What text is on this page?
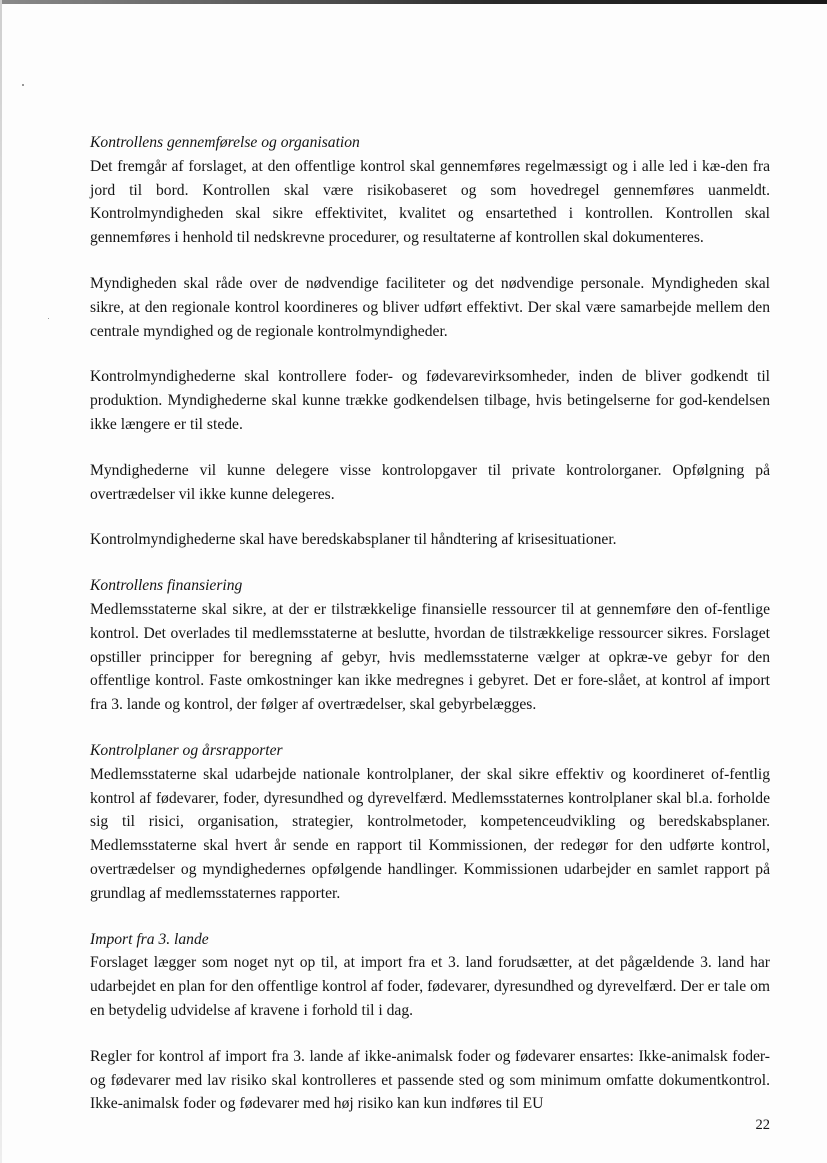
Kontrollens gennemførelse og organisation

Det fremgår af forslaget, at den offentlige kontrol skal gennemføres regelmæssigt og i alle led i kæ-den fra jord til bord. Kontrollen skal være risikobaseret og som hovedregel gennemføres uanmeldt. Kontrolmyndigheden skal sikre effektivitet, kvalitet og ensartethed i kontrollen. Kontrollen skal gennemføres i henhold til nedskrevne procedurer, og resultaterne af kontrollen skal dokumenteres.

Myndigheden skal råde over de nødvendige faciliteter og det nødvendige personale. Myndigheden skal sikre, at den regionale kontrol koordineres og bliver udført effektivt. Der skal være samarbejde mellem den centrale myndighed og de regionale kontrolmyndigheder.

Kontrolmyndighederne skal kontrollere foder- og fødevarevirksomheder, inden de bliver godkendt til produktion. Myndighederne skal kunne trække godkendelsen tilbage, hvis betingelserne for god-kendelsen ikke længere er til stede.

Myndighederne vil kunne delegere visse kontrolopgaver til private kontrolorganer. Opfølgning på overtrædelser vil ikke kunne delegeres.

Kontrolmyndighederne skal have beredskabsplaner til håndtering af krisesituationer.

Kontrollens finansiering

Medlemsstaterne skal sikre, at der er tilstrækkelige finansielle ressourcer til at gennemføre den of-fentlige kontrol. Det overlades til medlemsstaterne at beslutte, hvordan de tilstrækkelige ressourcer sikres. Forslaget opstiller principper for beregning af gebyr, hvis medlemsstaterne vælger at opkræ-ve gebyr for den offentlige kontrol. Faste omkostninger kan ikke medregnes i gebyret. Det er fore-slået, at kontrol af import fra 3. lande og kontrol, der følger af overtrædelser, skal gebyrbelægges.

Kontrolplaner og årsrapporter

Medlemsstaterne skal udarbejde nationale kontrolplaner, der skal sikre effektiv og koordineret of-fentlig kontrol af fødevarer, foder, dyresundhed og dyrevelfærd. Medlemsstaternes kontrolplaner skal bl.a. forholde sig til risici, organisation, strategier, kontrolmetoder, kompetenceudvikling og beredskabsplaner. Medlemsstaterne skal hvert år sende en rapport til Kommissionen, der redegør for den udførte kontrol, overtrædelser og myndighedernes opfølgende handlinger. Kommissionen udarbejder en samlet rapport på grundlag af medlemsstaternes rapporter.

Import fra 3. lande

Forslaget lægger som noget nyt op til, at import fra et 3. land forudsætter, at det pågældende 3. land har udarbejdet en plan for den offentlige kontrol af foder, fødevarer, dyresundhed og dyrevelfærd. Der er tale om en betydelig udvidelse af kravene i forhold til i dag.

Regler for kontrol af import fra 3. lande af ikke-animalsk foder og fødevarer ensartes: Ikke-animalsk foder- og fødevarer med lav risiko skal kontrolleres et passende sted og som minimum omfatte dokumentkontrol. Ikke-animalsk foder og fødevarer med høj risiko kan kun indføres til EU

22
